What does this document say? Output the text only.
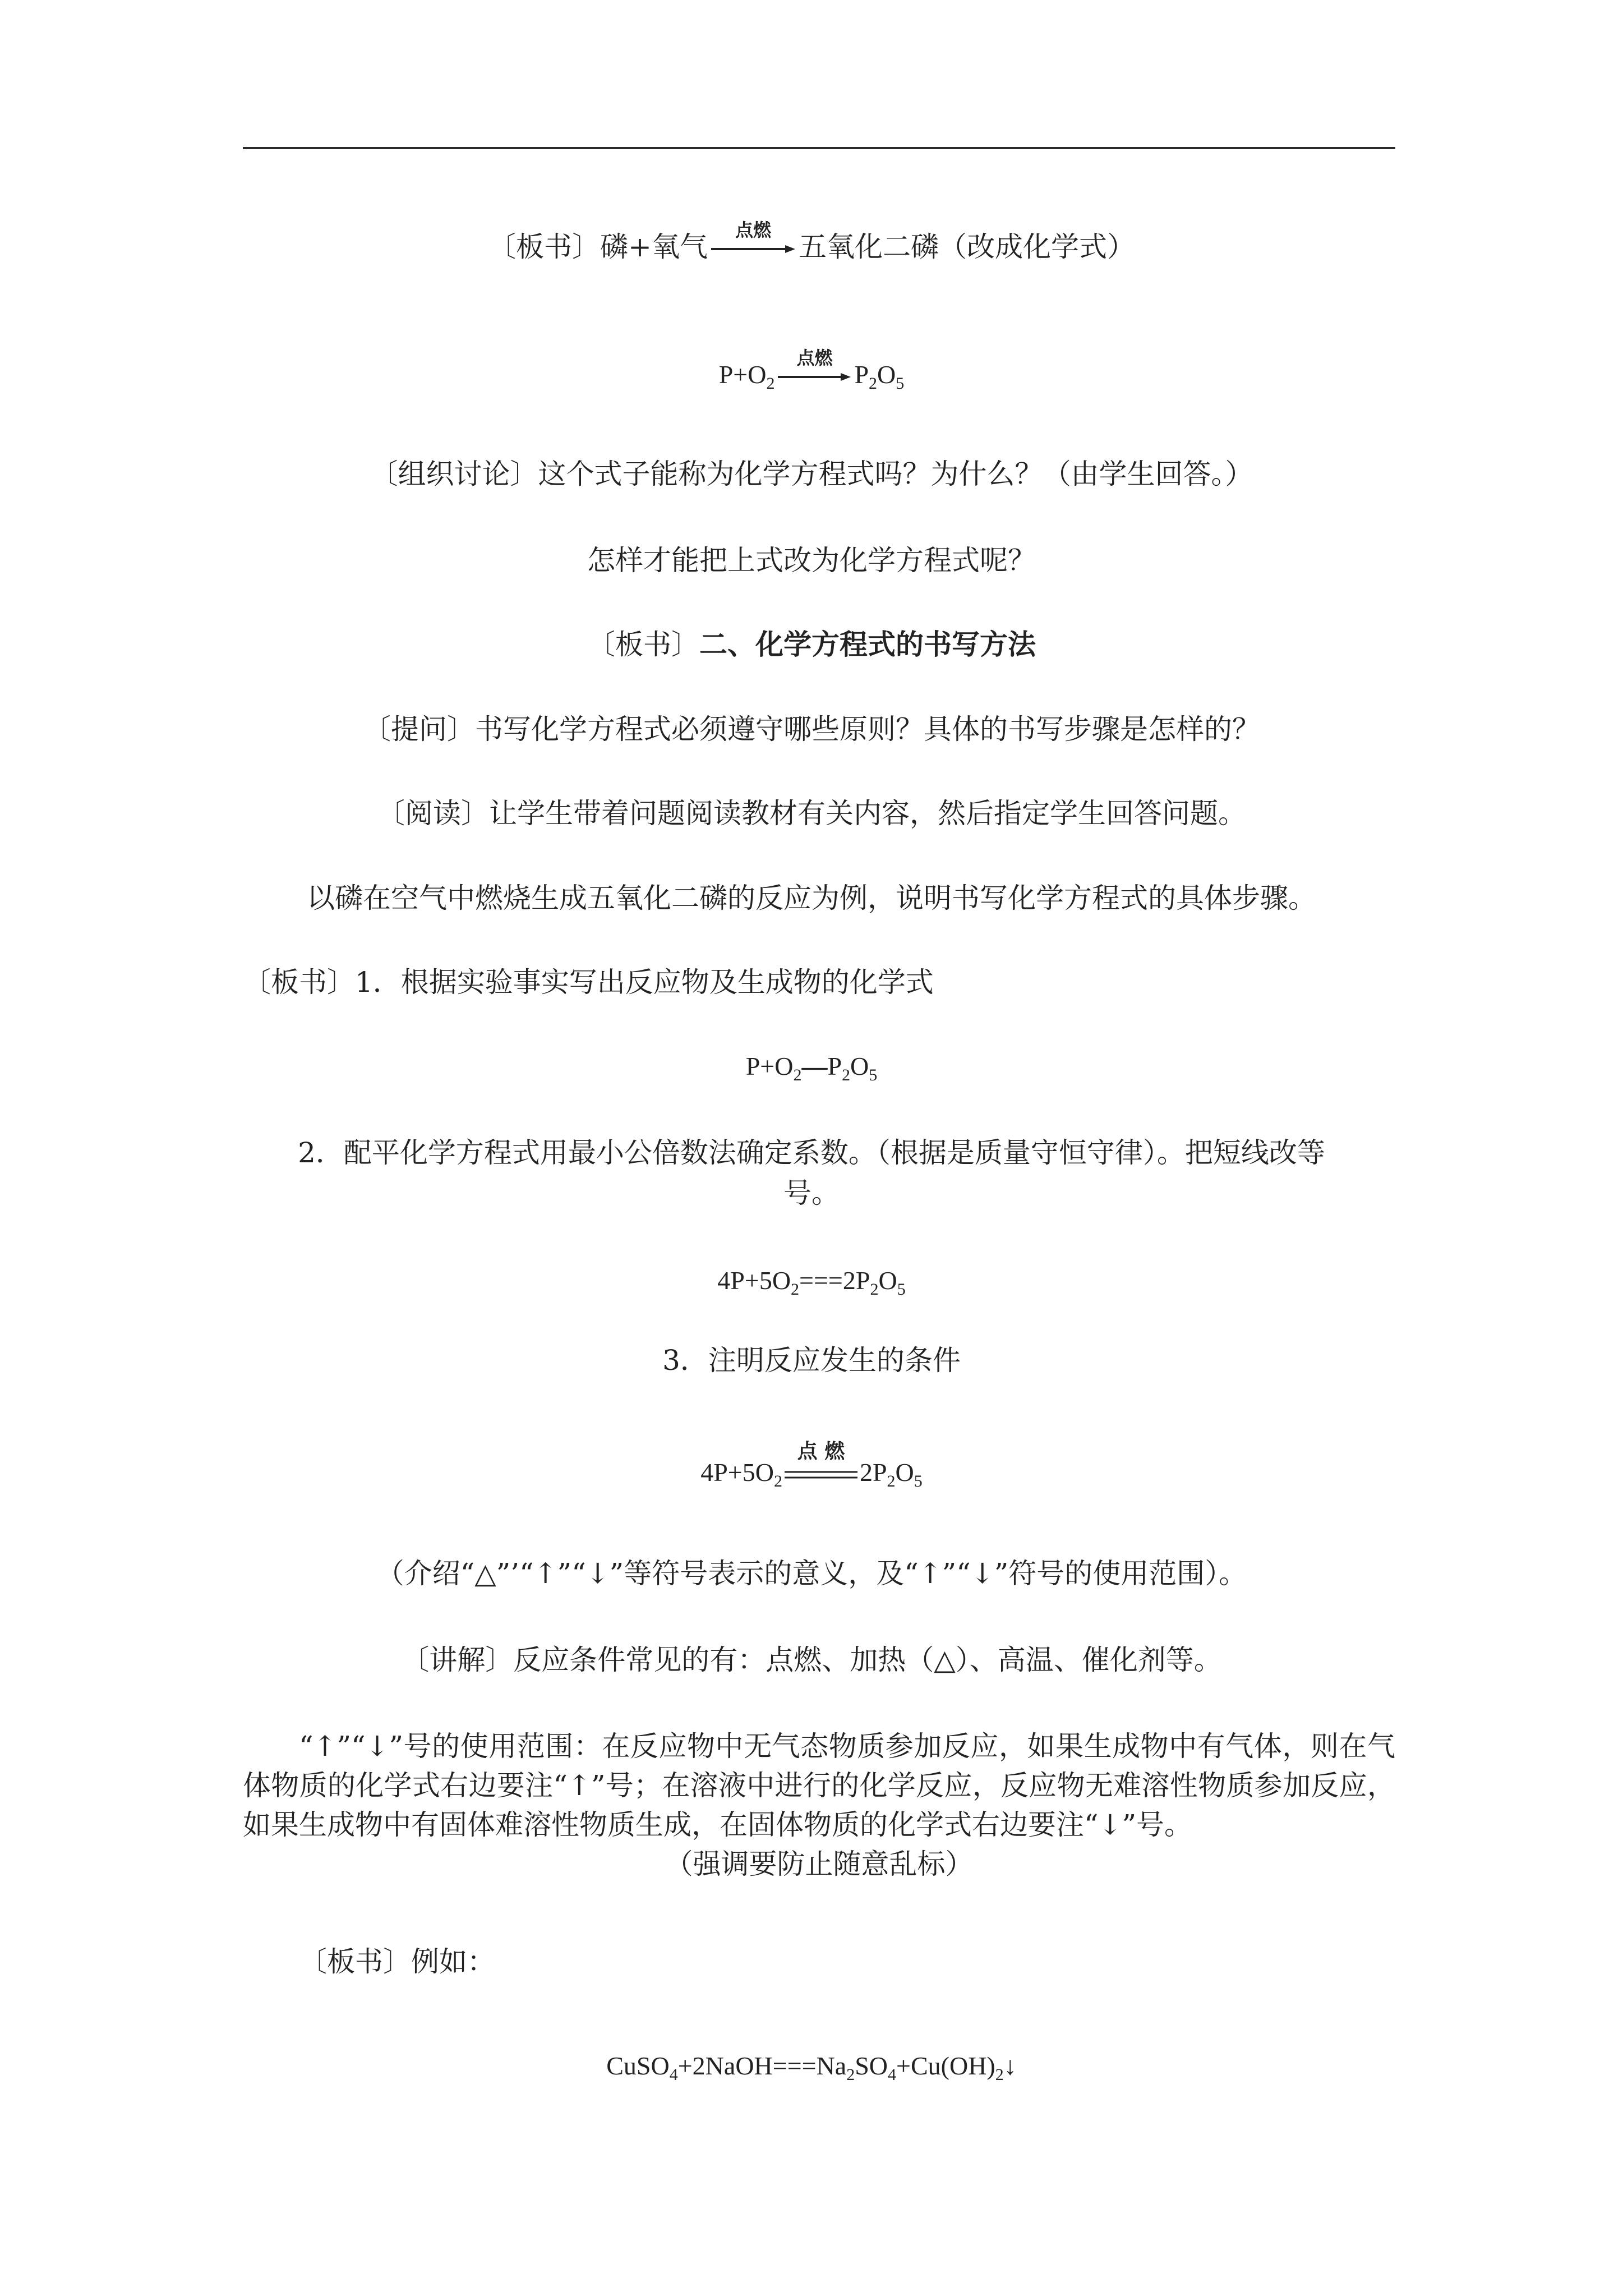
〔板书〕磷+氧气
点燃
五氧化二磷（改成化学式）
$P+O_2$
点燃
$P_2O_5$
〔组织讨论〕这个式子能称为化学方程式吗？为什么？（由学生回答。）
怎样才能把上式改为化学方程式呢？
〔板书〕二、化学方程式的书写方法
〔提问〕书写化学方程式必须遵守哪些原则？具体的书写步骤是怎样的？
〔阅读〕让学生带着问题阅读教材有关内容，然后指定学生回答问题。
以磷在空气中燃烧生成五氧化二磷的反应为例，说明书写化学方程式的具体步骤。
〔板书〕1．根据实验事实写出反应物及生成物的化学式
$P+O_2—P_2O_5$
2．配平化学方程式用最小公倍数法确定系数。（根据是质量守恒守律）。把短线改等
号。
$4P+5O_2===2P_2O_5$
3．注明反应发生的条件
$4P+5O_2$
点 燃
$2P_2O_5$
（介绍“△”’“↑”“↓”等符号表示的意义，及“↑”“↓”符号的使用范围）。
〔讲解〕反应条件常见的有：点燃、加热（△）、高温、催化剂等。
“↑”“↓”号的使用范围：在反应物中无气态物质参加反应，如果生成物中有气体，则在气体物质的化学式右边要注“↑”号；在溶液中进行的化学反应，反应物无难溶性物质参加反应，如果生成物中有固体难溶性物质生成，在固体物质的化学式右边要注“↓”号。
（强调要防止随意乱标）
〔板书〕例如：
$CuSO_4+2NaOH===Na_2SO_4+Cu(OH)_2↓$
